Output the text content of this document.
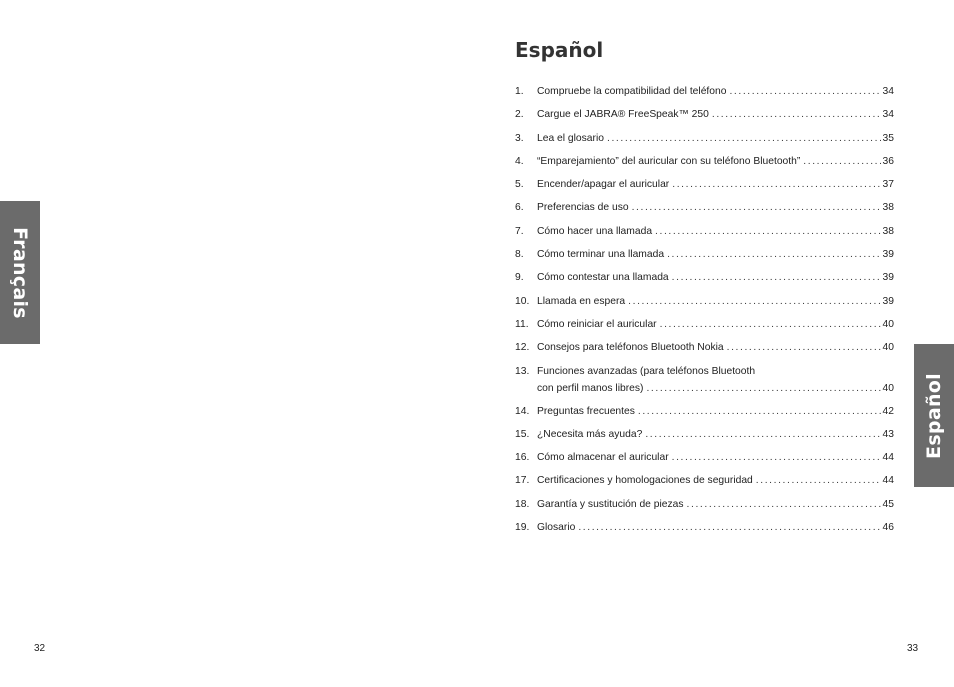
Français
Español
Español
1.	Compruebe la compatibilidad del teléfono .....	34
2.	Cargue el JABRA® FreeSpeak™ 250 .....	34
3.	Lea el glosario .....	35
4.	“Emparejamiento” del auricular con su teléfono Bluetooth” .....	36
5.	Encender/apagar el auricular .....	37
6.	Preferencias de uso .....	38
7.	Cómo hacer una llamada .....	38
8.	Cómo terminar una llamada .....	39
9.	Cómo contestar una llamada .....	39
10. Llamada en espera .....	39
11. Cómo reiniciar el auricular .....	40
12. Consejos para teléfonos Bluetooth Nokia .....	40
13. Funciones avanzadas (para teléfonos Bluetooth
con perfil manos libres) .....	40
14. Preguntas frecuentes .....	42
15. ¿Necesita más ayuda? .....	43
16. Cómo almacenar el auricular .....	44
17. Certificaciones y homologaciones de seguridad .....	44
18. Garantía y sustitución de piezas .....	45
19. Glosario .....	46
32	33
